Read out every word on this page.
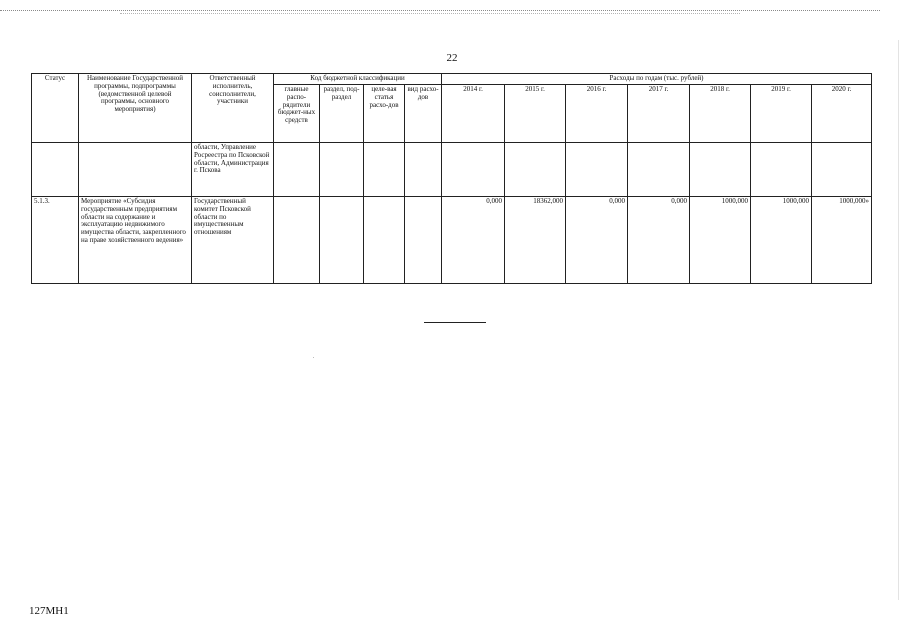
22
Статус	Наименование Государственной программы, подпрограммы (ведомственной целевой программы, основного мероприятия)	Ответственный исполнитель, соисполнители, участники	Код бюджетной классификации				Расходы по годам (тыс. рублей)						
			главные распо-рядители бюджет-ных средств	раздел, под-раздел	целе-вая статья расхо-дов	вид расхо-дов	2014 г.	2015 г.	2016 г.	2017 г.	2018 г.	2019 г.	2020 г.
		области, Управление Росреестра по Псковской области, Администрация г. Пскова											
5.1.3.	Мероприятие «Субсидия государственным предприятиям области на содержание и эксплуатацию недвижимого имущества области, закрепленного на праве хозяйственного ведения»	Государственный комитет Псковской области по имущественным отношениям					0,000	18362,000	0,000	0,000	1000,000	1000,000	1000,000»
127МН1
